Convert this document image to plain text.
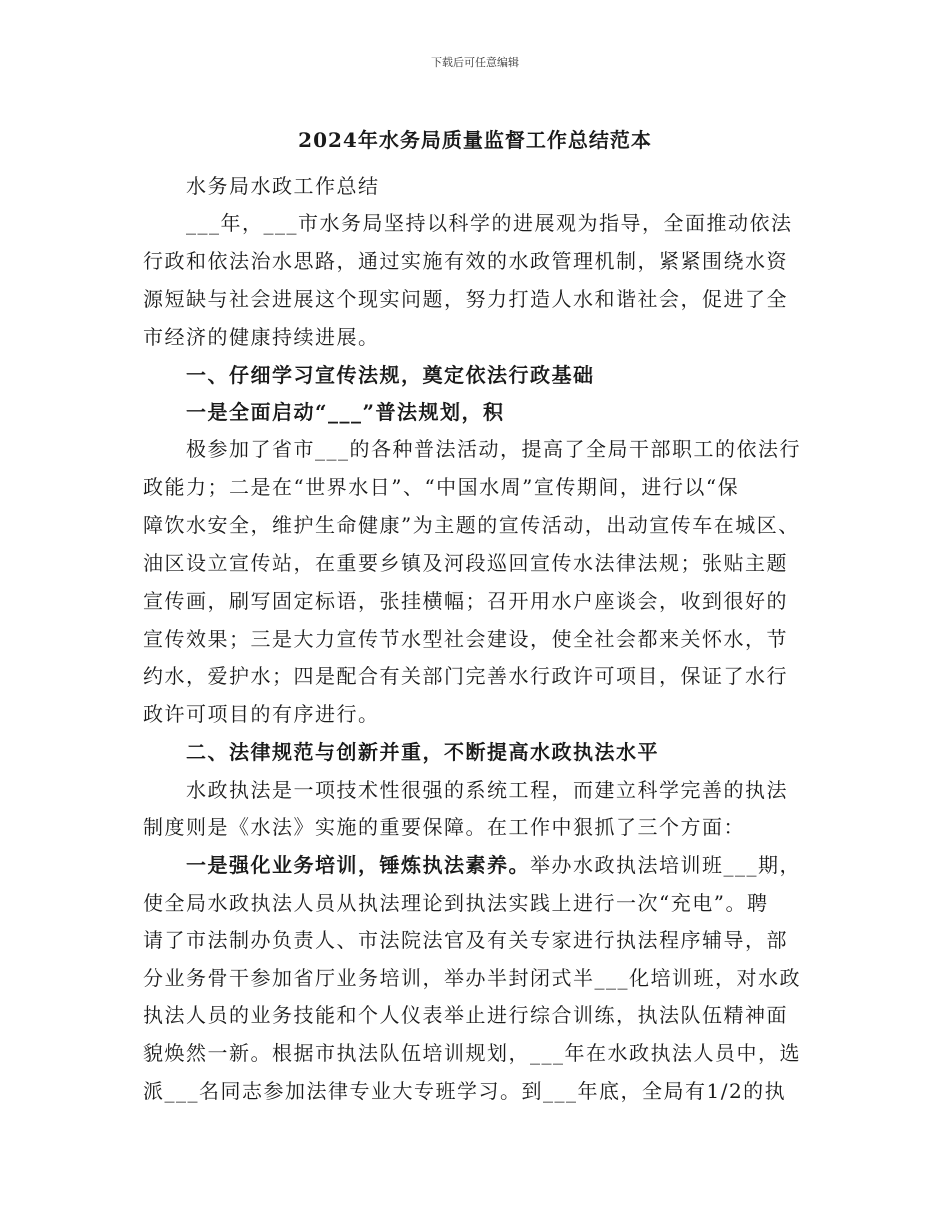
下载后可任意编辑
2024年水务局质量监督工作总结范本
水务局水政工作总结
___年，___市水务局坚持以科学的进展观为指导，全面推动依法
行政和依法治水思路，通过实施有效的水政管理机制，紧紧围绕水资
源短缺与社会进展这个现实问题，努力打造人水和谐社会，促进了全
市经济的健康持续进展。
一、仔细学习宣传法规，奠定依法行政基础
一是全面启动“___”普法规划，积
极参加了省市___的各种普法活动，提高了全局干部职工的依法行
政能力；二是在“世界水日”、“中国水周”宣传期间，进行以“保
障饮水安全，维护生命健康”为主题的宣传活动，出动宣传车在城区、
油区设立宣传站，在重要乡镇及河段巡回宣传水法律法规；张贴主题
宣传画，刷写固定标语，张挂横幅；召开用水户座谈会，收到很好的
宣传效果；三是大力宣传节水型社会建设，使全社会都来关怀水，节
约水，爱护水；四是配合有关部门完善水行政许可项目，保证了水行
政许可项目的有序进行。
二、法律规范与创新并重，不断提高水政执法水平
水政执法是一项技术性很强的系统工程，而建立科学完善的执法
制度则是《水法》实施的重要保障。在工作中狠抓了三个方面：
一是强化业务培训，锤炼执法素养。举办水政执法培训班___期，
使全局水政执法人员从执法理论到执法实践上进行一次“充电”。聘
请了市法制办负责人、市法院法官及有关专家进行执法程序辅导，部
分业务骨干参加省厅业务培训，举办半封闭式半___化培训班，对水政
执法人员的业务技能和个人仪表举止进行综合训练，执法队伍精神面
貌焕然一新。根据市执法队伍培训规划，___年在水政执法人员中，选
派___名同志参加法律专业大专班学习。到___年底，全局有1/2的执
